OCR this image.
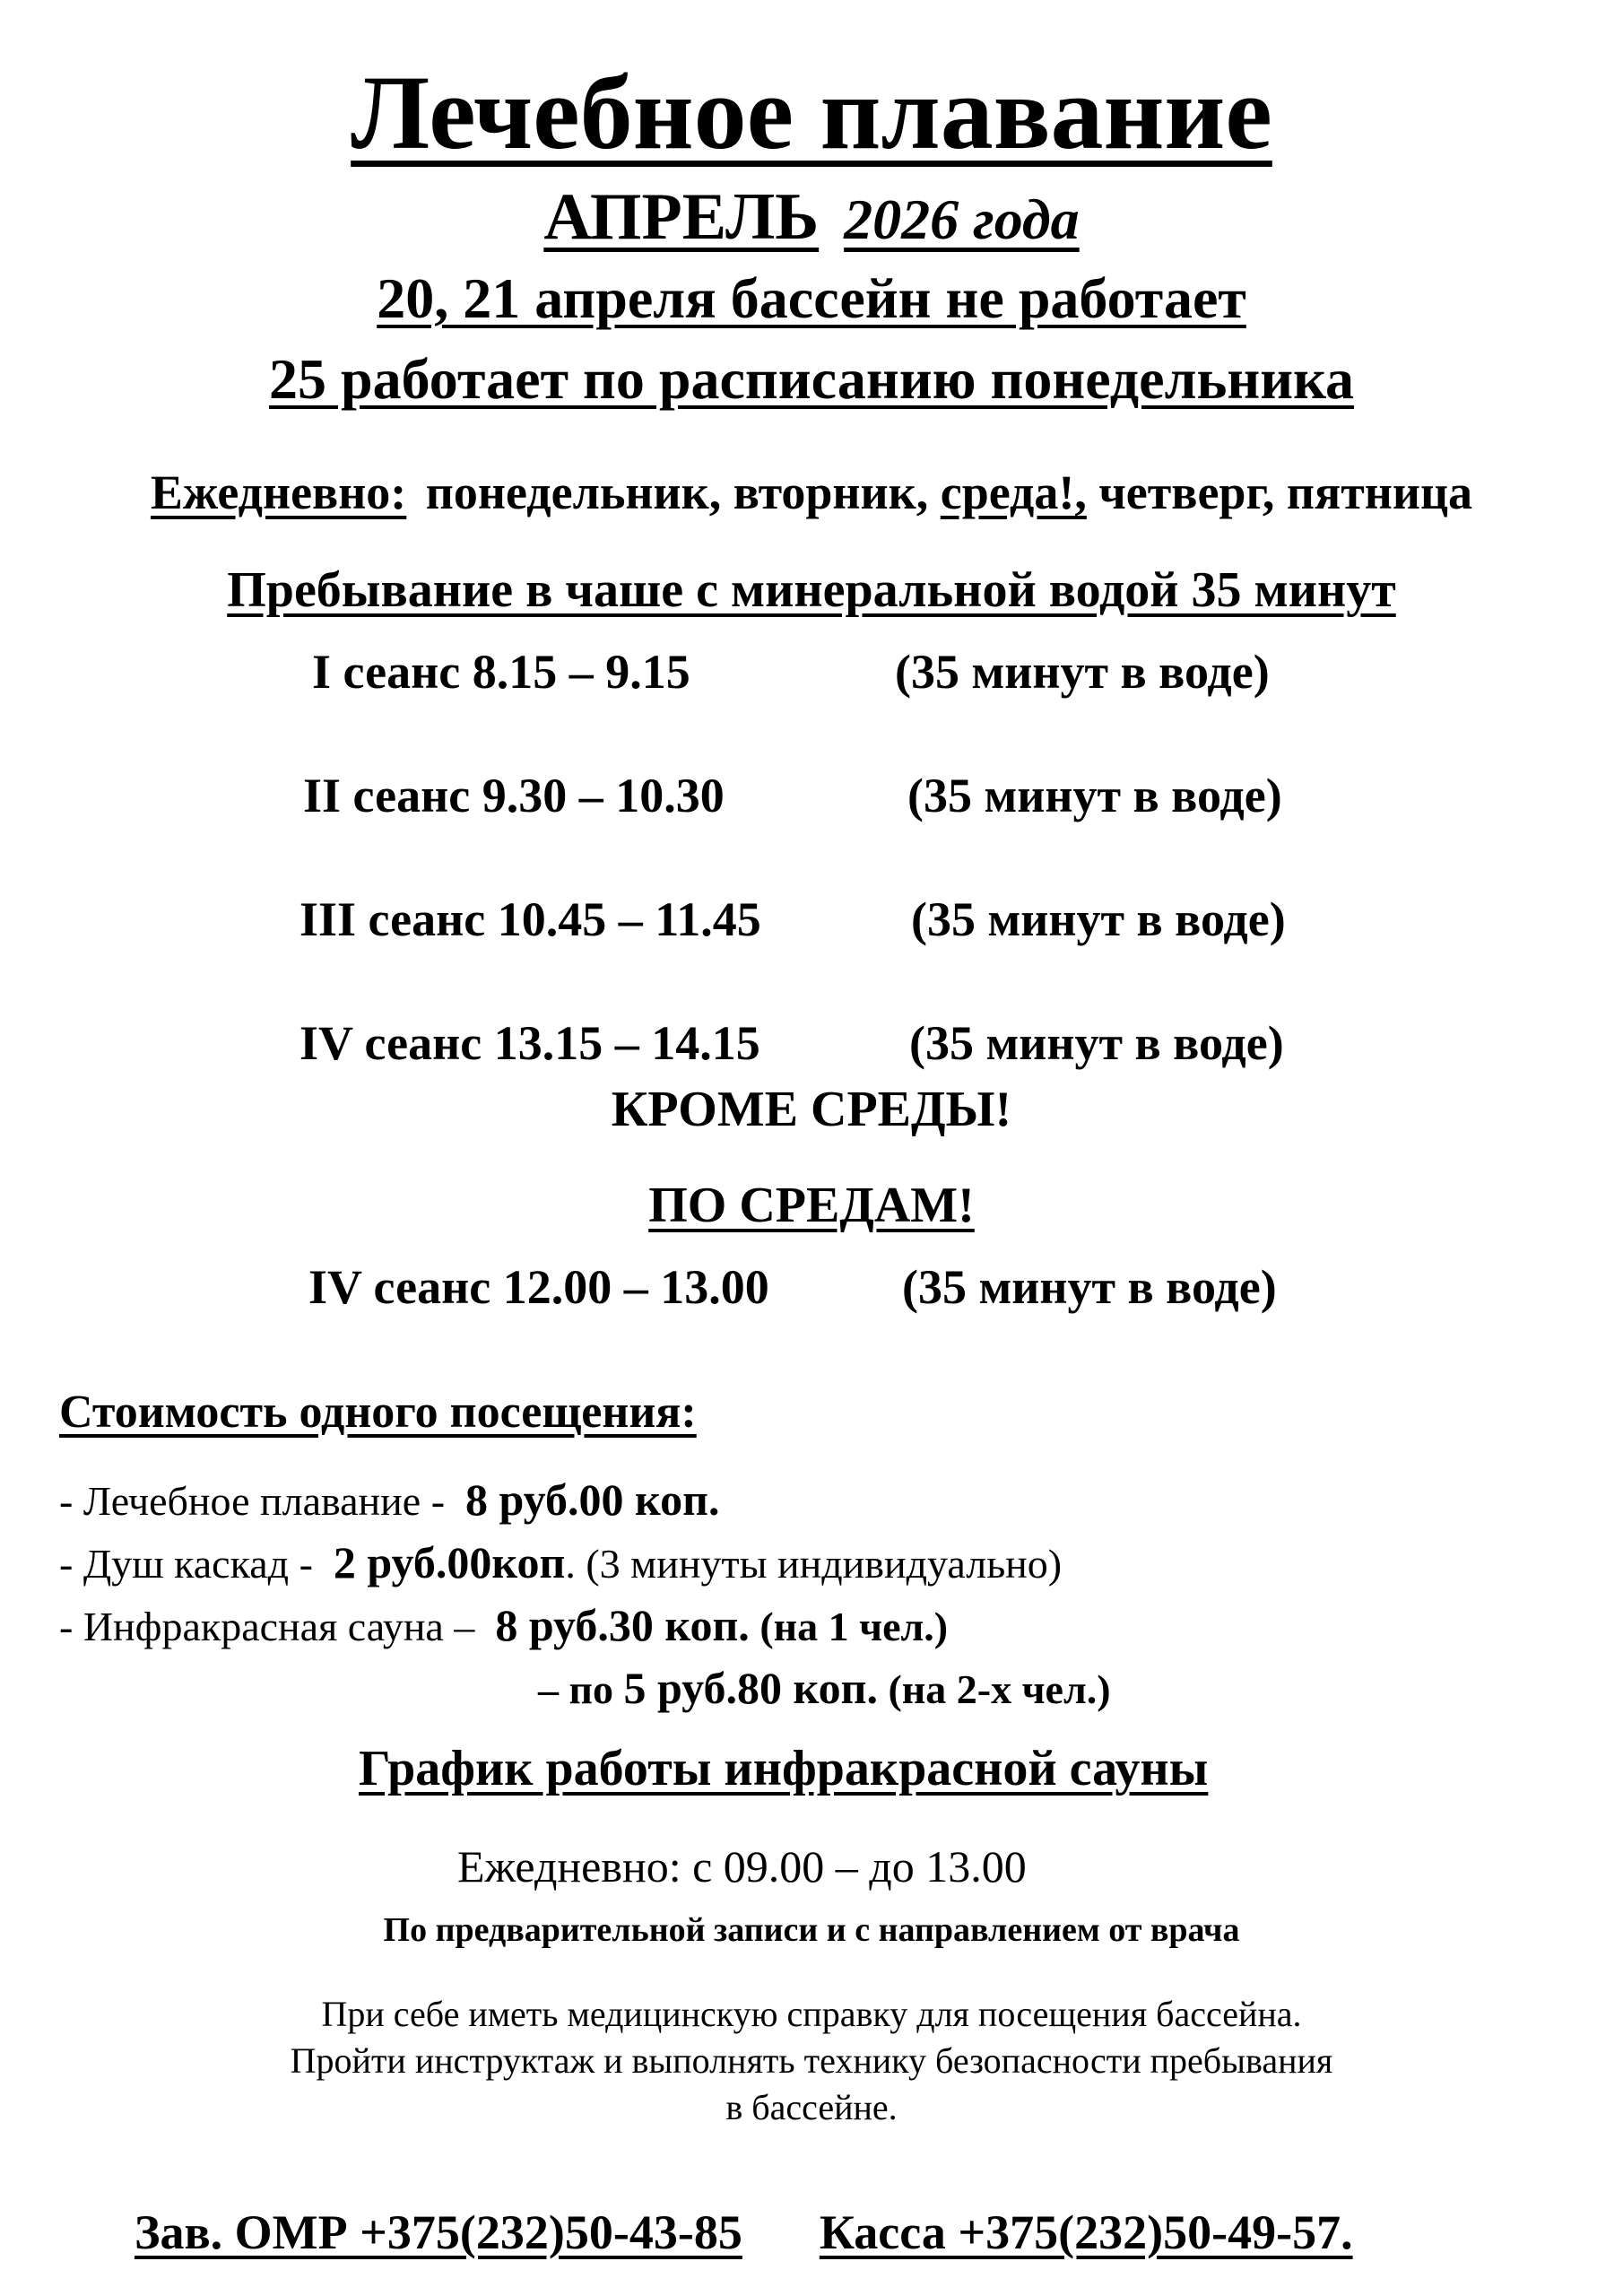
Лечебное плавание
АПРЕЛЬ 2026 года
20, 21 апреля бассейн не работает
25 работает по расписанию понедельника
Ежедневно: понедельник, вторник, среда!, четверг, пятница
Пребывание в чаше с минеральной водой 35 минут
I сеанс 8.15 – 9.15	(35 минут в воде)
II сеанс 9.30 – 10.30	(35 минут в воде)
III сеанс 10.45 – 11.45	(35 минут в воде)
IV сеанс 13.15 – 14.15	(35 минут в воде)
КРОМЕ СРЕДЫ!
ПО СРЕДАМ!
IV сеанс 12.00 – 13.00	(35 минут в воде)
Стоимость одного посещения:
- Лечебное плавание - 8 руб.00 коп.
- Душ каскад - 2 руб.00коп. (3 минуты индивидуально)
- Инфракрасная сауна – 8 руб.30 коп. (на 1 чел.)
– по 5 руб.80 коп. (на 2-х чел.)
График работы инфракрасной сауны
Ежедневно: с 09.00 – до 13.00
По предварительной записи и с направлением от врача
При себе иметь медицинскую справку для посещения бассейна.
Пройти инструктаж и выполнять технику безопасности пребывания
в бассейне.
Зав. ОМР +375(232)50-43-85 Касса +375(232)50-49-57.
